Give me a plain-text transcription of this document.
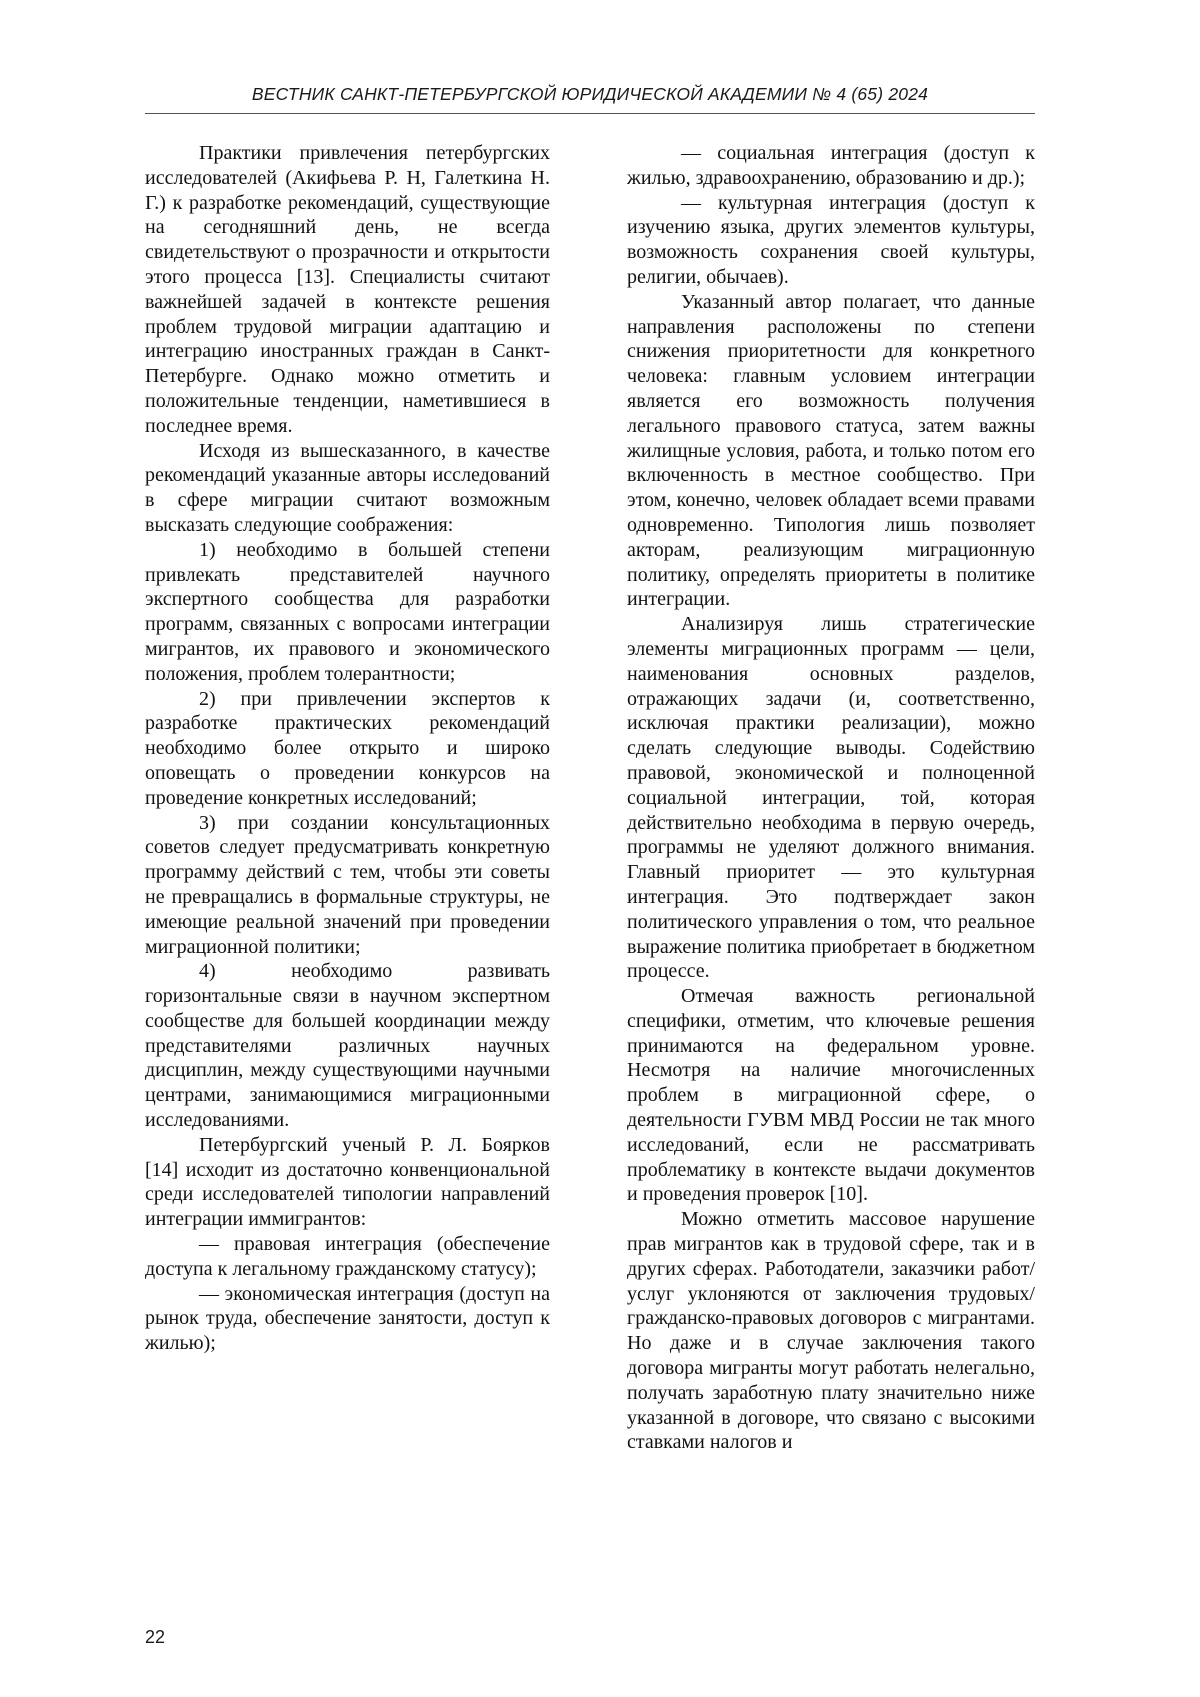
ВЕСТНИК САНКТ-ПЕТЕРБУРГСКОЙ ЮРИДИЧЕСКОЙ АКАДЕМИИ № 4 (65) 2024

Практики привлечения петербургских исследователей (Акифьева Р. Н, Галеткина Н. Г.) к разработке рекомендаций, существующие на сегодняшний день, не всегда свидетельствуют о прозрачности и открытости этого процесса [13]. Специалисты считают важнейшей задачей в контексте решения проблем трудовой миграции адаптацию и интеграцию иностранных граждан в Санкт-Петербурге. Однако можно отметить и положительные тенденции, наметившиеся в последнее время.

Исходя из вышесказанного, в качестве рекомендаций указанные авторы исследований в сфере миграции считают возможным высказать следующие соображения:

1) необходимо в большей степени привлекать представителей научного экспертного сообщества для разработки программ, связанных с вопросами интеграции мигрантов, их правового и экономического положения, проблем толерантности;

2) при привлечении экспертов к разработке практических рекомендаций необходимо более открыто и широко оповещать о проведении конкурсов на проведение конкретных исследований;

3) при создании консультационных советов следует предусматривать конкретную программу действий с тем, чтобы эти советы не превращались в формальные структуры, не имеющие реальной значений при проведении миграционной политики;

4) необходимо развивать горизонтальные связи в научном экспертном сообществе для большей координации между представителями различных научных дисциплин, между существующими научными центрами, занимающимися миграционными исследованиями.

Петербургский ученый Р. Л. Боярков [14] исходит из достаточно конвенциональной среди исследователей типологии направлений интеграции иммигрантов:

— правовая интеграция (обеспечение доступа к легальному гражданскому статусу);

— экономическая интеграция (доступ на рынок труда, обеспечение занятости, доступ к жилью);

— социальная интеграция (доступ к жилью, здравоохранению, образованию и др.);

— культурная интеграция (доступ к изучению языка, других элементов культуры, возможность сохранения своей культуры, религии, обычаев).

Указанный автор полагает, что данные направления расположены по степени снижения приоритетности для конкретного человека: главным условием интеграции является его возможность получения легального правового статуса, затем важны жилищные условия, работа, и только потом его включенность в местное сообщество. При этом, конечно, человек обладает всеми правами одновременно. Типология лишь позволяет акторам, реализующим миграционную политику, определять приоритеты в политике интеграции.

Анализируя лишь стратегические элементы миграционных программ — цели, наименования основных разделов, отражающих задачи (и, соответственно, исключая практики реализации), можно сделать следующие выводы. Содействию правовой, экономической и полноценной социальной интеграции, той, которая действительно необходима в первую очередь, программы не уделяют должного внимания. Главный приоритет — это культурная интеграция. Это подтверждает закон политического управления о том, что реальное выражение политика приобретает в бюджетном процессе.

Отмечая важность региональной специфики, отметим, что ключевые решения принимаются на федеральном уровне. Несмотря на наличие многочисленных проблем в миграционной сфере, о деятельности ГУВМ МВД России не так много исследований, если не рассматривать проблематику в контексте выдачи документов и проведения проверок [10].

Можно отметить массовое нарушение прав мигрантов как в трудовой сфере, так и в других сферах. Работодатели, заказчики работ/услуг уклоняются от заключения трудовых/гражданско-правовых договоров с мигрантами. Но даже и в случае заключения такого договора мигранты могут работать нелегально, получать заработную плату значительно ниже указанной в договоре, что связано с высокими ставками налогов и

22
